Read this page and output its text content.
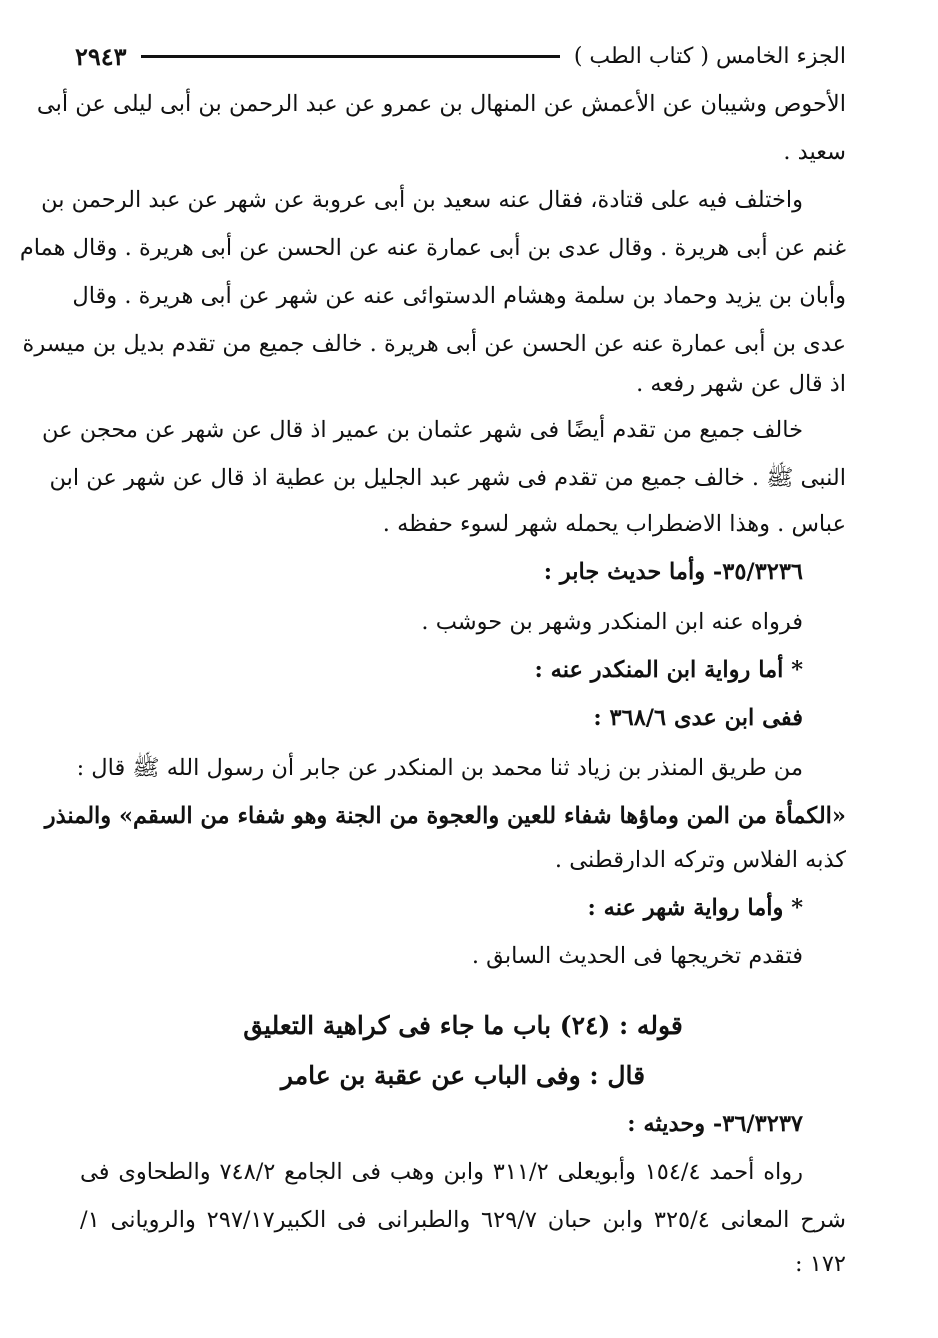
الجزء الخامس ( كتاب الطب )
٢٩٤٣
الأحوص وشيبان عن الأعمش عن المنهال بن عمرو عن عبد الرحمن بن أبى ليلى عن أبى
سعيد .
واختلف فيه على قتادة، فقال عنه سعيد بن أبى عروبة عن شهر عن عبد الرحمن بن
غنم عن أبى هريرة . وقال عدى بن أبى عمارة عنه عن الحسن عن أبى هريرة . وقال همام
وأبان بن يزيد وحماد بن سلمة وهشام الدستوائى عنه عن شهر عن أبى هريرة . وقال
عدى بن أبى عمارة عنه عن الحسن عن أبى هريرة . خالف جميع من تقدم بديل بن ميسرة
اذ قال عن شهر رفعه .
خالف جميع من تقدم أيضًا فى شهر عثمان بن عمير اذ قال عن شهر عن محجن عن
النبى ﷺ . خالف جميع من تقدم فى شهر عبد الجليل بن عطية اذ قال عن شهر عن ابن
عباس . وهذا الاضطراب يحمله شهر لسوء حفظه .
٣٥/٣٢٣٦- وأما حديث جابر :
فرواه عنه ابن المنكدر وشهر بن حوشب .
* أما رواية ابن المنكدر عنه :
ففى ابن عدى ٣٦٨/٦ :
من طريق المنذر بن زياد ثنا محمد بن المنكدر عن جابر أن رسول الله ﷺ قال :
«الكمأة من المن وماؤها شفاء للعين والعجوة من الجنة وهو شفاء من السقم» والمنذر
كذبه الفلاس وتركه الدارقطنى .
* وأما رواية شهر عنه :
فتقدم تخريجها فى الحديث السابق .
قوله : (٢٤) باب ما جاء فى كراهية التعليق
قال : وفى الباب عن عقبة بن عامر
٣٦/٣٢٣٧- وحديثه :
رواه أحمد ١٥٤/٤ وأبويعلى ٣١١/٢ وابن وهب فى الجامع ٧٤٨/٢ والطحاوى فى
شرح المعانى ٣٢٥/٤ وابن حبان ٦٢٩/٧ والطبرانى فى الكبير٢٩٧/١٧ والرويانى ١/
١٧٢ :
